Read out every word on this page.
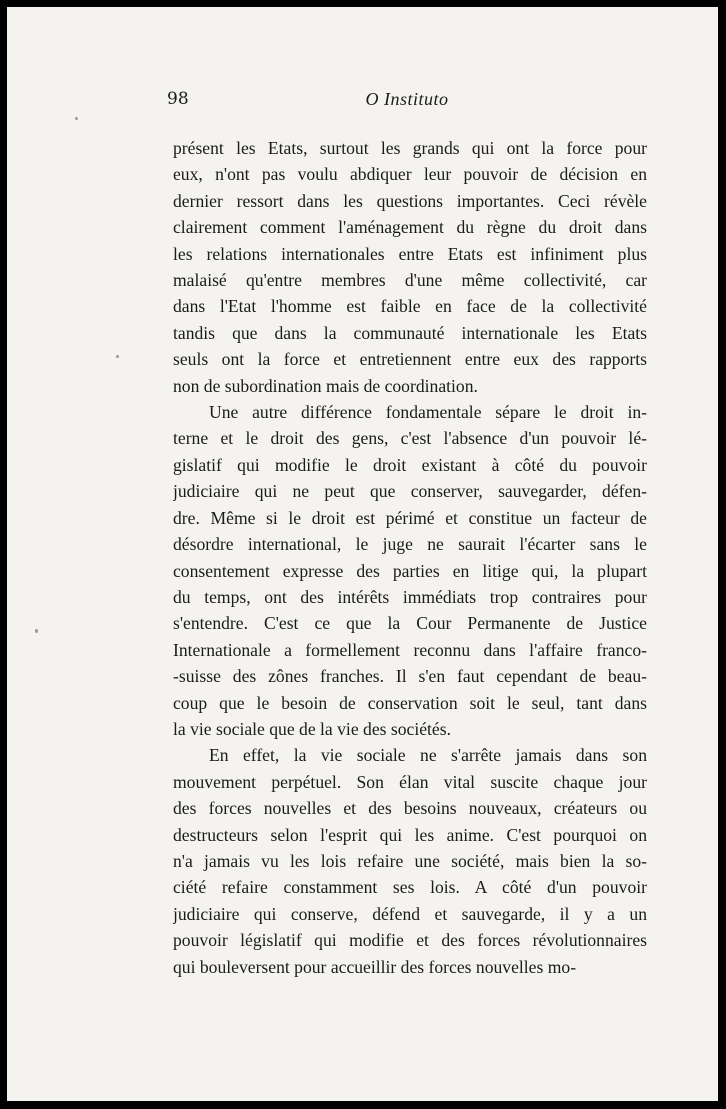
98	O Instituto

présent les Etats, surtout les grands qui ont la force pour
eux, n'ont pas voulu abdiquer leur pouvoir de décision en
dernier ressort dans les questions importantes. Ceci révèle
clairement comment l'aménagement du règne du droit dans
les relations internationales entre Etats est infiniment plus
malaisé qu'entre membres d'une même collectivité, car
dans l'Etat l'homme est faible en face de la collectivité
tandis que dans la communauté internationale les Etats
seuls ont la force et entretiennent entre eux des rapports
non de subordination mais de coordination.

Une autre différence fondamentale sépare le droit in-
terne et le droit des gens, c'est l'absence d'un pouvoir lé-
gislatif qui modifie le droit existant à côté du pouvoir
judiciaire qui ne peut que conserver, sauvegarder, défen-
dre. Même si le droit est périmé et constitue un facteur de
désordre international, le juge ne saurait l'écarter sans le
consentement expresse des parties en litige qui, la plupart
du temps, ont des intérêts immédiats trop contraires pour
s'entendre. C'est ce que la Cour Permanente de Justice
Internationale a formellement reconnu dans l'affaire franco-
-suisse des zônes franches. Il s'en faut cependant de beau-
coup que le besoin de conservation soit le seul, tant dans
la vie sociale que de la vie des sociétés.

En effet, la vie sociale ne s'arrête jamais dans son
mouvement perpétuel. Son élan vital suscite chaque jour
des forces nouvelles et des besoins nouveaux, créateurs ou
destructeurs selon l'esprit qui les anime. C'est pourquoi on
n'a jamais vu les lois refaire une société, mais bien la so-
ciété refaire constamment ses lois. A côté d'un pouvoir
judiciaire qui conserve, défend et sauvegarde, il y a un
pouvoir législatif qui modifie et des forces révolutionnaires
qui bouleversent pour accueillir des forces nouvelles mo-
